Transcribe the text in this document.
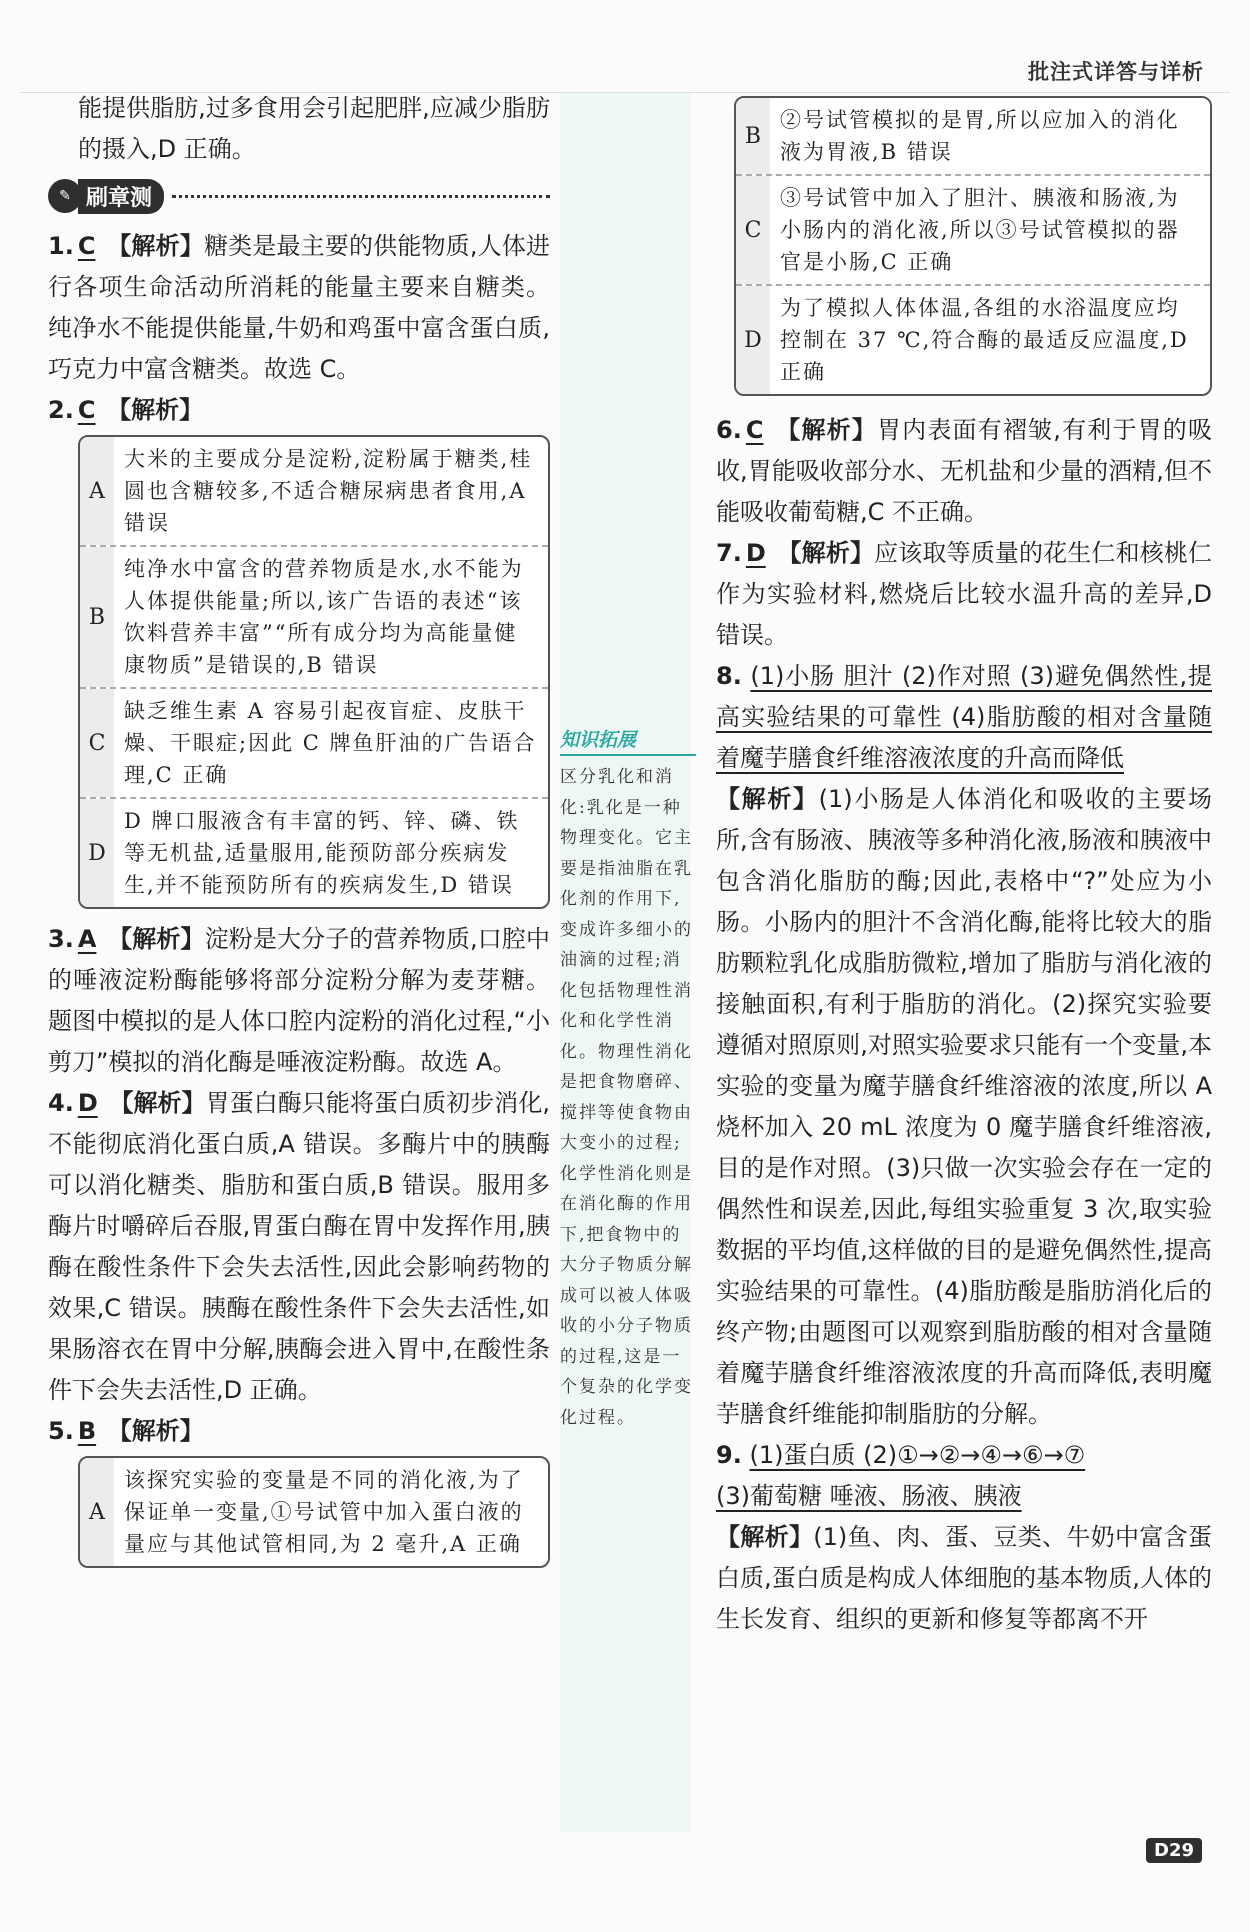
批注式详答与详析

能提供脂肪,过多食用会引起肥胖,应减少脂肪的摄入,D 正确。

✎ 刷章测

1. C 【解析】糖类是最主要的供能物质,人体进行各项生命活动所消耗的能量主要来自糖类。纯净水不能提供能量,牛奶和鸡蛋中富含蛋白质,巧克力中富含糖类。故选 C。

2. C 【解析】

A
大米的主要成分是淀粉,淀粉属于糖类,桂圆也含糖较多,不适合糖尿病患者食用,A 错误
B
纯净水中富含的营养物质是水,水不能为人体提供能量;所以,该广告语的表述“该饮料营养丰富”“所有成分均为高能量健康物质”是错误的,B 错误
C
缺乏维生素 A 容易引起夜盲症、皮肤干燥、干眼症;因此 C 牌鱼肝油的广告语合理,C 正确
D
D 牌口服液含有丰富的钙、锌、磷、铁等无机盐,适量服用,能预防部分疾病发生,并不能预防所有的疾病发生,D 错误

3. A 【解析】淀粉是大分子的营养物质,口腔中的唾液淀粉酶能够将部分淀粉分解为麦芽糖。题图中模拟的是人体口腔内淀粉的消化过程,“小剪刀”模拟的消化酶是唾液淀粉酶。故选 A。

4. D 【解析】胃蛋白酶只能将蛋白质初步消化,不能彻底消化蛋白质,A 错误。多酶片中的胰酶可以消化糖类、脂肪和蛋白质,B 错误。服用多酶片时嚼碎后吞服,胃蛋白酶在胃中发挥作用,胰酶在酸性条件下会失去活性,因此会影响药物的效果,C 错误。胰酶在酸性条件下会失去活性,如果肠溶衣在胃中分解,胰酶会进入胃中,在酸性条件下会失去活性,D 正确。

5. B 【解析】

A
该探究实验的变量是不同的消化液,为了保证单一变量,①号试管中加入蛋白液的量应与其他试管相同,为 2 毫升,A 正确
知识拓展
区分乳化和消化:乳化是一种物理变化。它主要是指油脂在乳化剂的作用下,变成许多细小的油滴的过程;消化包括物理性消化和化学性消化。物理性消化是把食物磨碎、搅拌等使食物由大变小的过程;化学性消化则是在消化酶的作用下,把食物中的大分子物质分解成可以被人体吸收的小分子物质的过程,这是一个复杂的化学变化过程。
B
②号试管模拟的是胃,所以应加入的消化液为胃液,B 错误
C
③号试管中加入了胆汁、胰液和肠液,为小肠内的消化液,所以③号试管模拟的器官是小肠,C 正确
D
为了模拟人体体温,各组的水浴温度应均控制在 37 ℃,符合酶的最适反应温度,D 正确

6. C 【解析】胃内表面有褶皱,有利于胃的吸收,胃能吸收部分水、无机盐和少量的酒精,但不能吸收葡萄糖,C 不正确。

7. D 【解析】应该取等质量的花生仁和核桃仁作为实验材料,燃烧后比较水温升高的差异,D 错误。

8. (1)小肠 胆汁 (2)作对照 (3)避免偶然性,提高实验结果的可靠性 (4)脂肪酸的相对含量随着魔芋膳食纤维溶液浓度的升高而降低

【解析】(1)小肠是人体消化和吸收的主要场所,含有肠液、胰液等多种消化液,肠液和胰液中包含消化脂肪的酶;因此,表格中“?”处应为小肠。小肠内的胆汁不含消化酶,能将比较大的脂肪颗粒乳化成脂肪微粒,增加了脂肪与消化液的接触面积,有利于脂肪的消化。(2)探究实验要遵循对照原则,对照实验要求只能有一个变量,本实验的变量为魔芋膳食纤维溶液的浓度,所以 A 烧杯加入 20 mL 浓度为 0 魔芋膳食纤维溶液,目的是作对照。(3)只做一次实验会存在一定的偶然性和误差,因此,每组实验重复 3 次,取实验数据的平均值,这样做的目的是避免偶然性,提高实验结果的可靠性。(4)脂肪酸是脂肪消化后的终产物;由题图可以观察到脂肪酸的相对含量随着魔芋膳食纤维溶液浓度的升高而降低,表明魔芋膳食纤维能抑制脂肪的分解。

9. (1)蛋白质 (2)①→②→④→⑥→⑦

(3)葡萄糖 唾液、肠液、胰液

【解析】(1)鱼、肉、蛋、豆类、牛奶中富含蛋白质,蛋白质是构成人体细胞的基本物质,人体的生长发育、组织的更新和修复等都离不开

D29
